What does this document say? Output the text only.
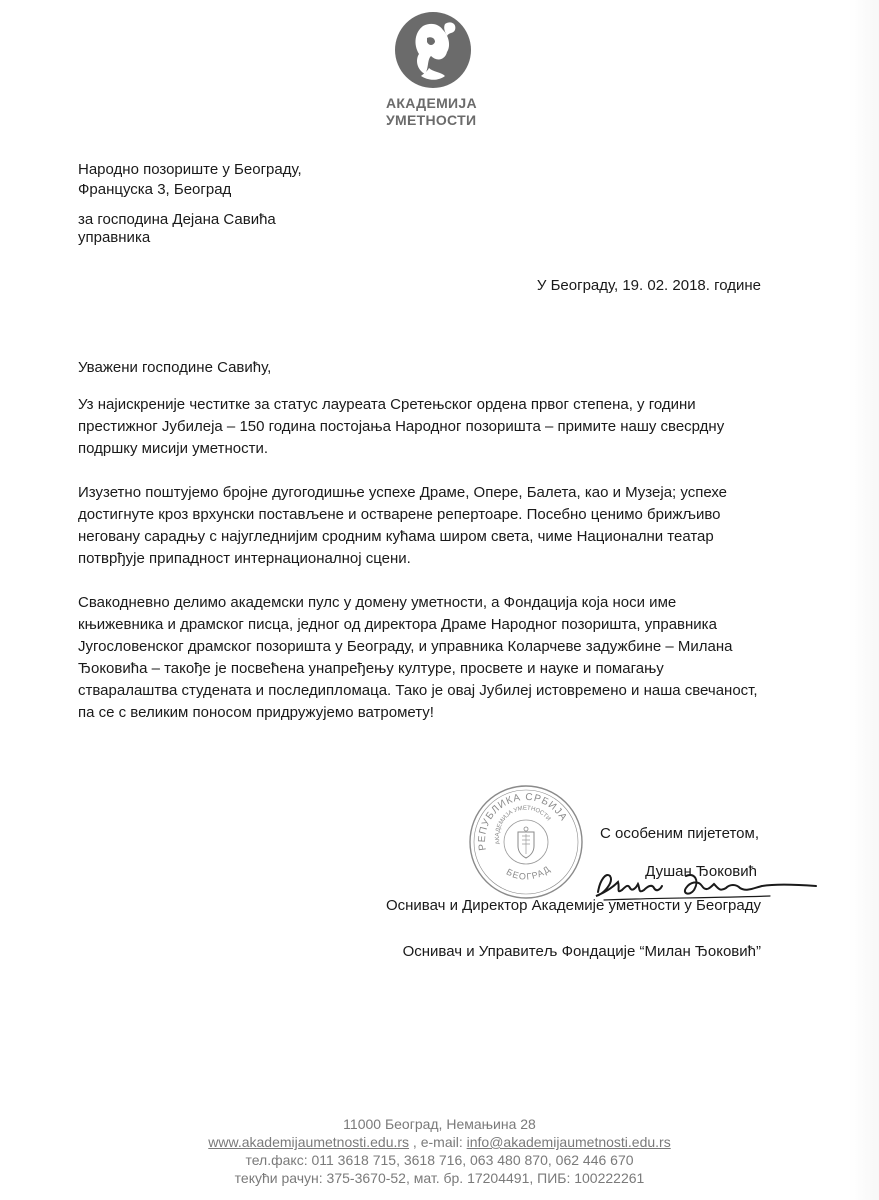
АКАДЕМИЈА
УМЕТНОСТИ
Народно позориште у Београду,
Француска 3, Београд
за господина Дејана Савића
управника
У Београду, 19. 02. 2018. године
Уважени господине Савићу,
Уз најискреније честитке за статус лауреата Сретењског ордена првог степена, у години
престижног Јубилеја – 150 година постојања Народног позоришта – примите нашу свесрдну
подршку мисији уметности.
Изузетно поштујемо бројне дугогодишње успехе Драме, Опере, Балета, као и Музеја; успехе
достигнуте кроз врхунски постављене и остварене репертоаре. Посебно ценимо брижљиво
неговану сарадњу с најугледнијим сродним кућама широм света, чиме Национални театар
потврђује припадност интернационалној сцени.
Свакодневно делимо академски пулс у домену уметности, а Фондација која носи име
књижевника и драмског писца, једног од директора Драме Народног позоришта, управника
Југословенског драмског позоришта у Београду, и управника Коларчеве задужбине – Милана
Ђоковића – такође је посвећена унапређењу културе, просвете и науке и помагању
стваралаштва студената и последипломаца. Тако је овај Јубилеј истовремено и наша свечаност,
па се с великим поносом придружујемо ватромету!
РЕПУБЛИКА СРБИЈА
АКАДЕМИЈА УМЕТНОСТИ
БЕОГРАД
С особеним пијететом,
Душан Ђоковић
Оснивач и Директор Академије уметности у Београду
Оснивач и Управитељ Фондације “Милан Ђоковић”
11000 Београд, Немањина 28
www.akademijaumetnosti.edu.rs , e-mail: info@akademijaumetnosti.edu.rs
тел.факс: 011 3618 715, 3618 716, 063 480 870, 062 446 670
текући рачун: 375-3670-52, мат. бр. 17204491, ПИБ: 100222261
